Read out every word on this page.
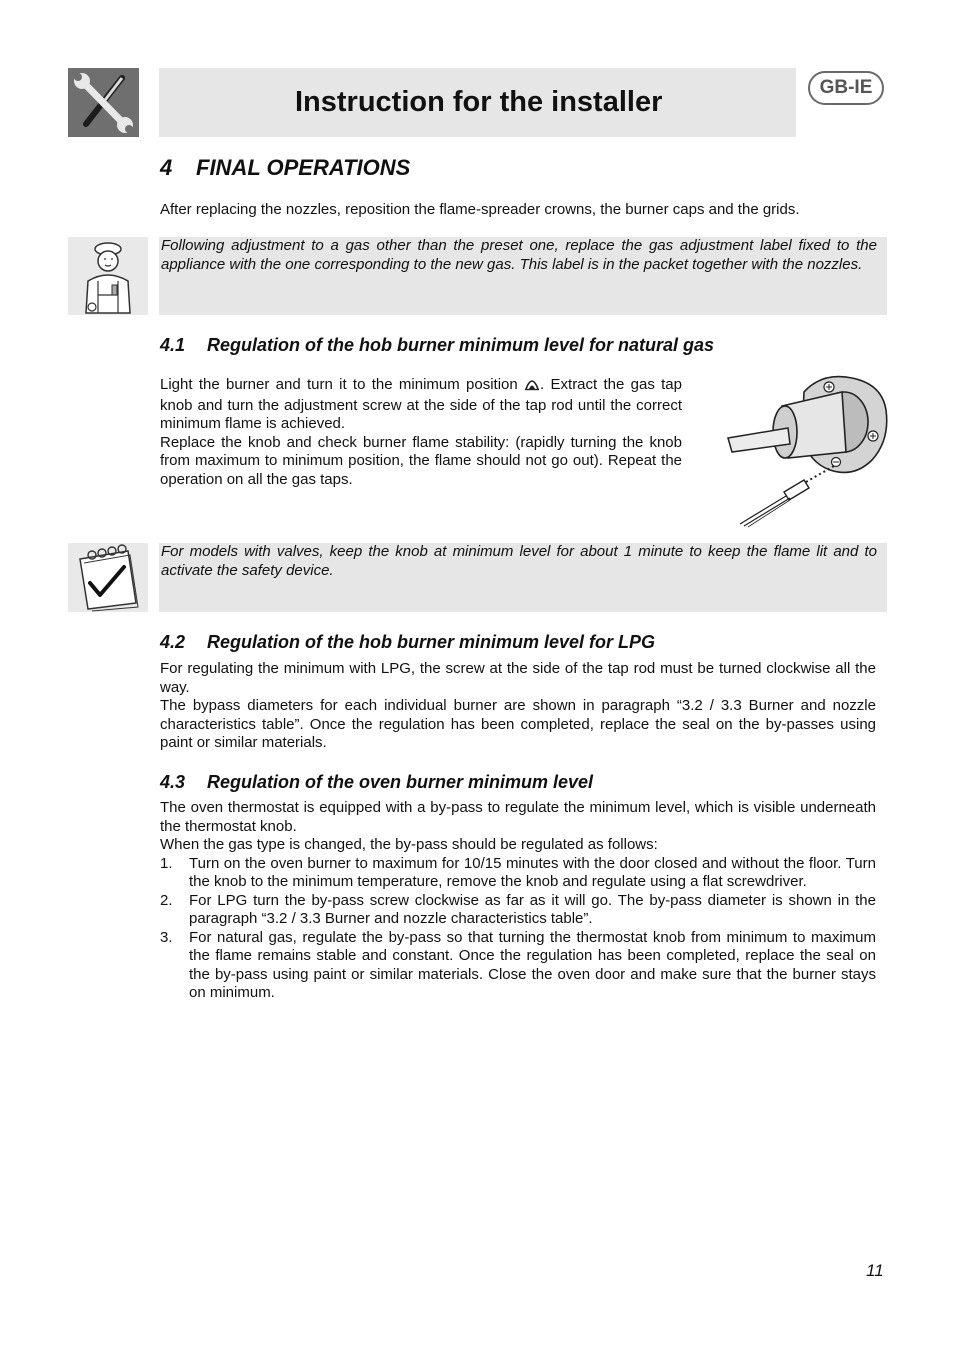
Instruction for the installer	GB-IE
4 FINAL OPERATIONS
After replacing the nozzles, reposition the flame-spreader crowns, the burner caps and the grids.
Following adjustment to a gas other than the preset one, replace the gas adjustment label fixed to the appliance with the one corresponding to the new gas. This label is in the packet together with the nozzles.
4.1 Regulation of the hob burner minimum level for natural gas
Light the burner and turn it to the minimum position . Extract the gas tap knob and turn the adjustment screw at the side of the tap rod until the correct minimum flame is achieved.
Replace the knob and check burner flame stability: (rapidly turning the knob from maximum to minimum position, the flame should not go out). Repeat the operation on all the gas taps.
For models with valves, keep the knob at minimum level for about 1 minute to keep the flame lit and to activate the safety device.
4.2 Regulation of the hob burner minimum level for LPG
For regulating the minimum with LPG, the screw at the side of the tap rod must be turned clockwise all the way.
The bypass diameters for each individual burner are shown in paragraph “3.2 / 3.3 Burner and nozzle characteristics table”. Once the regulation has been completed, replace the seal on the by-passes using paint or similar materials.
4.3 Regulation of the oven burner minimum level
The oven thermostat is equipped with a by-pass to regulate the minimum level, which is visible underneath the thermostat knob.
When the gas type is changed, the by-pass should be regulated as follows:
1. Turn on the oven burner to maximum for 10/15 minutes with the door closed and without the floor. Turn the knob to the minimum temperature, remove the knob and regulate using a flat screwdriver.
2. For LPG turn the by-pass screw clockwise as far as it will go. The by-pass diameter is shown in the paragraph “3.2 / 3.3 Burner and nozzle characteristics table”.
3. For natural gas, regulate the by-pass so that turning the thermostat knob from minimum to maximum the flame remains stable and constant. Once the regulation has been completed, replace the seal on the by-pass using paint or similar materials. Close the oven door and make sure that the burner stays on minimum.
11
